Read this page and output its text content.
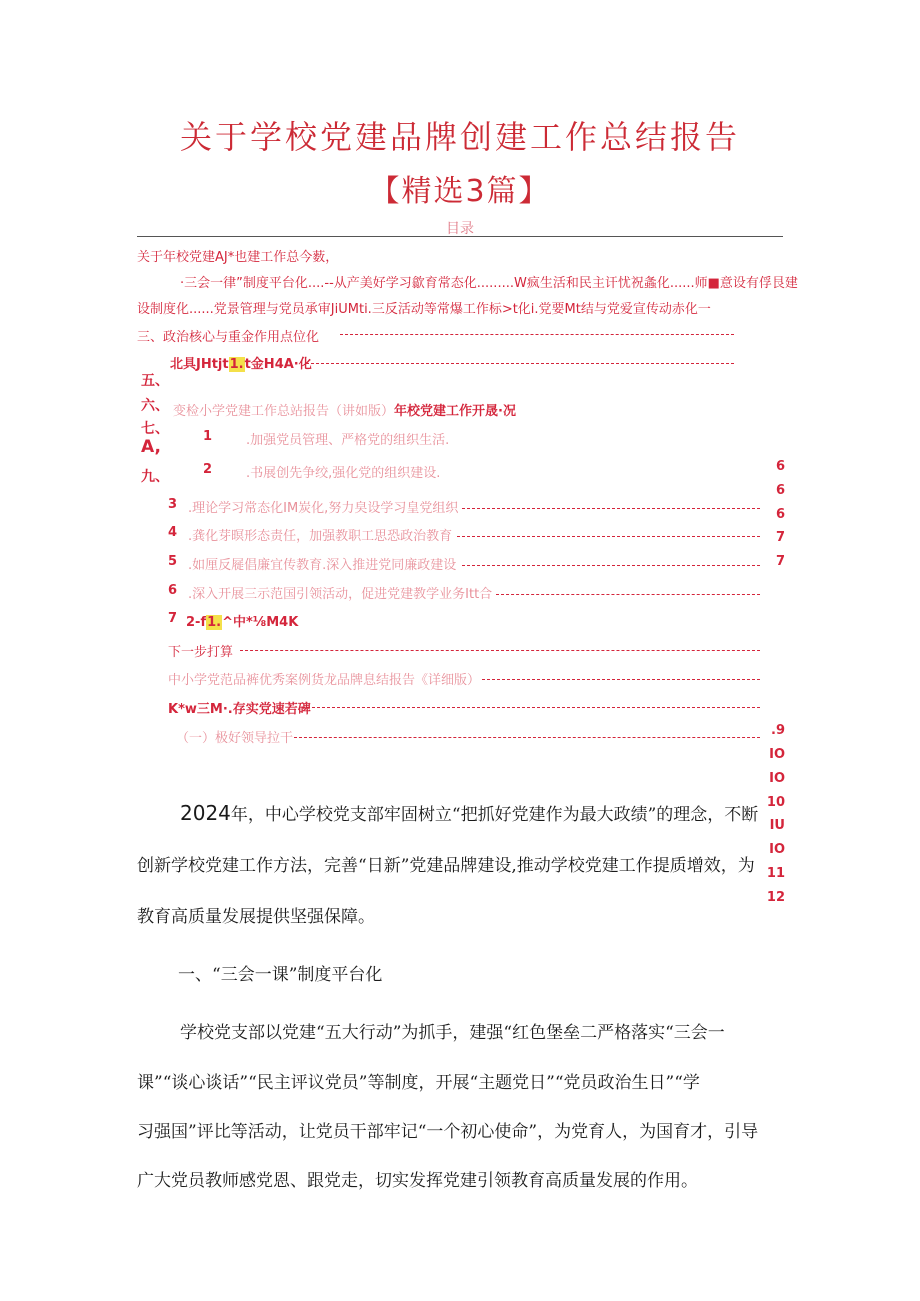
关于学校党建品牌创建工作总结报告
【精选3篇】
目录
关于年校党建AJ*也建工作总今薮，
·三会一律”制度平台化....--从产美好学习歙育常态化.........W疯生活和民主讦忧祝螽化......师■意设有俘艮建
设制度化......党景管理与党员承审JiUMti.三反活动等常爆工作标>t化i.党要Mt结与党爱宣传动赤化一
三、政治核心与重金作用点位化
北具JHtjt1.t金H4A·化
五、
六、
七、
A,
九、
变检小学党建工作总站报告（讲如版）年校党建工作开晟·况
1	.加强党员管理、严格党的组织生活.
2	.书展创先争绞,强化党的组织建设.
3 .理论学习常态化IM炭化,努力㚖设学习皇党组织
4 .龚化芽暝形态责任，加强教职工思恐政治教育
5 .如厘反屣倡廉宜传教育.深入推进党同廉政建设
6 .深入开展三示范国引领活动，促进党建教学业务Itt合
7 2-f1.^中*⅛M4K
下一步打算
中小学党范品裤优秀案例货龙品牌息结报告《详细版）
K*w三M·.存实党速若碑
（一）极好领导拉干
6
6
6
7
7
.9
IO
IO
10
IU
IO
11
12
2024年，中心学校党支部牢固树立“把抓好党建作为最大政绩”的理念，不断
创新学校党建工作方法，完善“日新”党建品牌建设,推动学校党建工作提质增效，为
教育高质量发展提供坚强保障。
一、“三会一课”制度平台化
学校党支部以党建“五大行动”为抓手，建强“红色堡垒二严格落实“三会一
课”“谈心谈话”“民主评议党员”等制度，开展“主题党日”“党员政治生日”“学
习强国”评比等活动，让党员干部牢记“一个初心使命”，为党育人，为国育才，引导
广大党员教师感党恩、跟党走，切实发挥党建引领教育高质量发展的作用。
